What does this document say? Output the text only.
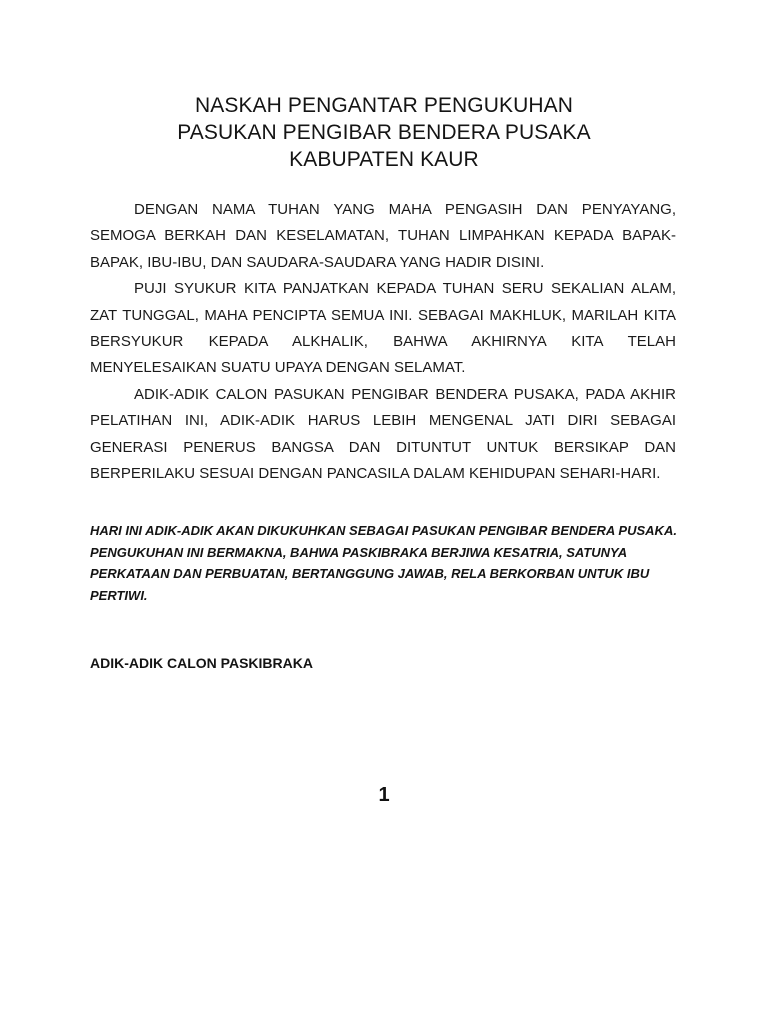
NASKAH PENGANTAR PENGUKUHAN
PASUKAN PENGIBAR BENDERA PUSAKA
KABUPATEN KAUR

DENGAN NAMA TUHAN YANG MAHA PENGASIH DAN PENYAYANG, SEMOGA BERKAH DAN KESELAMATAN, TUHAN LIMPAHKAN KEPADA BAPAK-BAPAK, IBU-IBU, DAN SAUDARA-SAUDARA YANG HADIR DISINI.

PUJI SYUKUR KITA PANJATKAN KEPADA TUHAN SERU SEKALIAN ALAM, ZAT TUNGGAL, MAHA PENCIPTA SEMUA INI. SEBAGAI MAKHLUK, MARILAH KITA BERSYUKUR KEPADA ALKHALIK, BAHWA AKHIRNYA KITA TELAH MENYELESAIKAN SUATU UPAYA DENGAN SELAMAT.

ADIK-ADIK CALON PASUKAN PENGIBAR BENDERA PUSAKA, PADA AKHIR PELATIHAN INI, ADIK-ADIK HARUS LEBIH MENGENAL JATI DIRI SEBAGAI GENERASI PENERUS BANGSA DAN DITUNTUT UNTUK BERSIKAP DAN BERPERILAKU SESUAI DENGAN PANCASILA DALAM KEHIDUPAN SEHARI-HARI.

HARI INI ADIK-ADIK AKAN DIKUKUHKAN SEBAGAI PASUKAN PENGIBAR BENDERA PUSAKA. PENGUKUHAN INI BERMAKNA, BAHWA PASKIBRAKA BERJIWA KESATRIA, SATUNYA PERKATAAN DAN PERBUATAN, BERTANGGUNG JAWAB, RELA BERKORBAN UNTUK IBU PERTIWI.

ADIK-ADIK CALON PASKIBRAKA
1
